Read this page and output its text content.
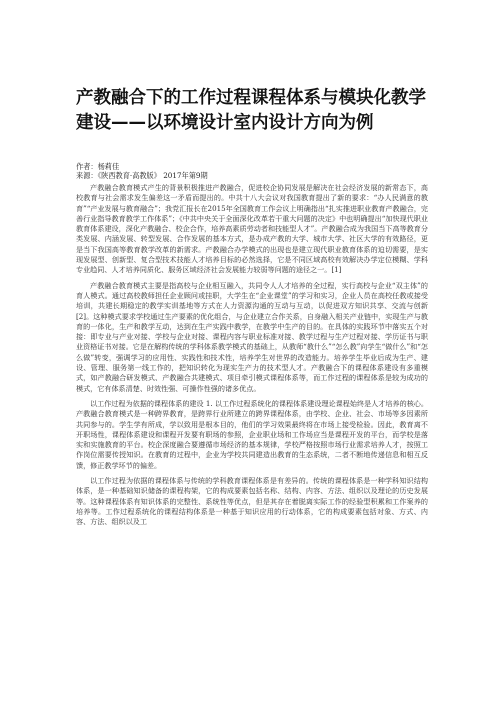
产教融合下的工作过程课程体系与模块化教学建设——以环境设计室内设计方向为例
作者：杨莉佳
来源：《陕西教育·高教版》 2017年第9期

产教融合教育模式产生的背景积极推进产教融合，促进校企协同发展是解决在社会经济发展的新常态下，高校教育与社会需求发生偏差这一矛盾而提出的。中共十八大会议对我国教育提出了新的要求：“办人民满意的教育”“产业发展与教育融合”；我党汇报长在2015年全国教育工作会议上明确指出“扎实推进职业教育产教融合，完善行业指导教育教学工作体系”；《中共中央关于全面深化改革若干重大问题的决定》中也明确提出“加快现代职业教育体系建设，深化产教融合、校企合作，培养高素质劳动者和技能型人才”。产教融合成为我国当下高等教育分类发展、内涵发展、转型发展、合作发展的基本方式，是办成产教的大学、城市大学、社区大学的有效路径，更是当下我国高等教育教学改革的新需求。产教融合办学模式的出现也是建立现代职业教育体系的迫切需要，是实现发展型、创新型、复合型技术技能人才培养目标的必然选择，它是不同区域高校有效解决办学定位模糊、学科专业趋同、人才培养同质化、服务区域经济社会发展能力较弱等问题的途径之一。[1]

产教融合教育模式主要是指高校与企业相互融入，共同令人人才培养的全过程，实行高校与企业“双主体”的育人模式。通过高校教师担任企业顾问或挂职，大学生在“企业课堂”的学习和实习，企业人员在高校任教或接受培训，共建长期稳定的教学实训基地等方式在人力资源沟通的互动与互动，以促进双方知识共享、交流与创新[2]。这种模式要求学校通过生产要素的优化组合，与企业建立合作关系，自身融入相关产业链中，实现生产与教育的一体化，生产和教学互动，达到在生产实践中教学，在教学中生产的目的。在具体的实践环节中落实五个对接：即专业与产业对接、学校与企业对接、课程内容与职业标准对接、教学过程与生产过程对接、学历证书与职业资格证书对接。它是在解构传统的学科体系教学模式的基础上，从教师“教什么”“怎么教”向学生“做什么”和“怎么做”转变，强调学习的应用性、实践性和技术性，培养学生对世界的改造能力。培养学生毕业后成为生产、建设、管理、服务第一线工作的，把知识转化为现实生产力的技术型人才。产教融合下的课程体系建设有多重模式，如产教融合研发模式、产教融合共建模式、项目牵引模式课程体系等，而工作过程的课程体系是较为成功的模式，它有体系清楚、时效性强、可操作性强的诸多优点。

以工作过程为依据的课程体系的建设 1. 以工作过程系统化的课程体系建设理论课程始终是人才培养的核心。产教融合教育模式是一种跨界教育，是跨界行业所建立的跨界课程体系，由学校、企业、社会、市场等多因素所共同参与的。学生学有所成，学以致用是根本目的，他们的学习效果最终将在市场上接受检验。因此，教育离不开职场性，课程体系建设和课程开发要有职场的参照，企业职业场和工作场应当是课程开发的平台，而学校是落实和实施教育的平台。校企深度融合要遵循市场经济的基本规律，学校严格按照市场行业需求培养人才，按照工作岗位需要传授知识。在教育的过程中，企业为学校共同建造出教育的生态系统，二者不断地传递信息和相互反馈，修正教学环节的偏差。

以工作过程为依据的课程体系与传统的学科教育课程体系是有差异的。传统的课程体系是一种学科知识结构体系，是一种基础知识储备的课程构架，它的构成要素包括名称、结构、内容、方法、组织以及理论的历史发展等。这种课程体系有知识体系的完整性、系统性等优点，但是其存在着脱离实际工作的经验型积累和工作案养的培养等。工作过程系统化的课程结构体系是一种基于知识应用的行动体系，它的构成要素包括对象、方式、内容、方法、组织以及工
